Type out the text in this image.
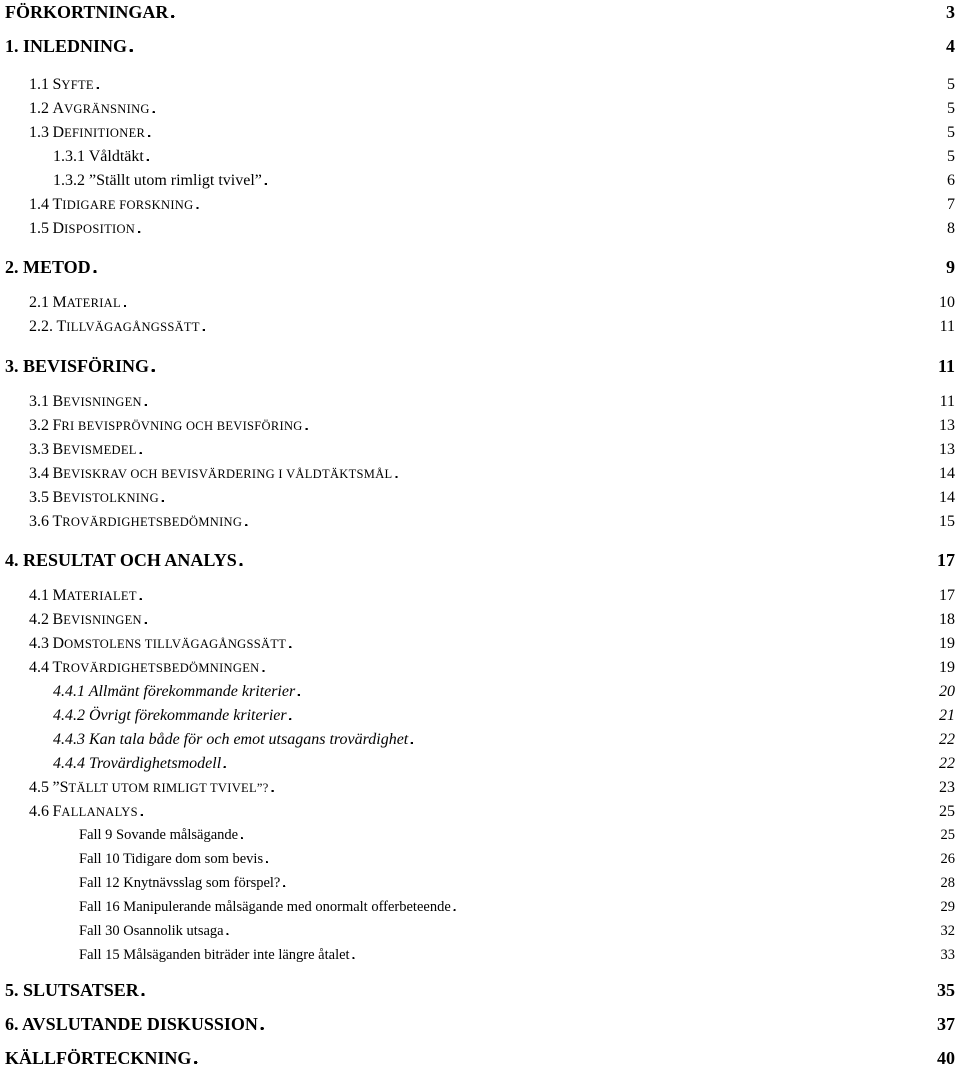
FÖRKORTNINGAR . . .	3
1. INLEDNING . . .	4
1.1 SYFTE . . .	5
1.2 AVGRÄNSNING . . .	5
1.3 DEFINITIONER . . .	5
1.3.1 Våldtäkt . . .	5
1.3.2 ”Ställt utom rimligt tvivel” . . .	6
1.4 TIDIGARE FORSKNING . . .	7
1.5 DISPOSITION . . .	8
2. METOD . . .	9
2.1 MATERIAL . . .	10
2.2. TILLVÄGAGÅNGSSÄTT . . .	11
3. BEVISFÖRING . . .	11
3.1 BEVISNINGEN . . .	11
3.2 FRI BEVISPRÖVNING OCH BEVISFÖRING . . .	13
3.3 BEVISMEDEL . . .	13
3.4 BEVISKRAV OCH BEVISVÄRDERING I VÅLDTÄKTSMÅL . . .	14
3.5 BEVISTOLKNING . . .	14
3.6 TROVÄRDIGHETSBEDÖMNING . . .	15
4. RESULTAT OCH ANALYS . . .	17
4.1 MATERIALET . . .	17
4.2 BEVISNINGEN . . .	18
4.3 DOMSTOLENS TILLVÄGAGÅNGSSÄTT . . .	19
4.4 TROVÄRDIGHETSBEDÖMNINGEN . . .	19
4.4.1 Allmänt förekommande kriterier . . .	20
4.4.2 Övrigt förekommande kriterier . . .	21
4.4.3 Kan tala både för och emot utsagans trovärdighet . . .	22
4.4.4 Trovärdighetsmodell . . .	22
4.5 ”STÄLLT UTOM RIMLIGT TVIVEL”? . . .	23
4.6 FALLANALYS . . .	25
Fall 9 Sovande målsägande . . .	25
Fall 10 Tidigare dom som bevis . . .	26
Fall 12 Knytnävsslag som förspel? . . .	28
Fall 16 Manipulerande målsägande med onormalt offerbeteende . . .	29
Fall 30 Osannolik utsaga . . .	32
Fall 15 Målsäganden biträder inte längre åtalet . . .	33
5. SLUTSATSER . . .	35
6. AVSLUTANDE DISKUSSION . . .	37
KÄLLFÖRTECKNING . . .	40
